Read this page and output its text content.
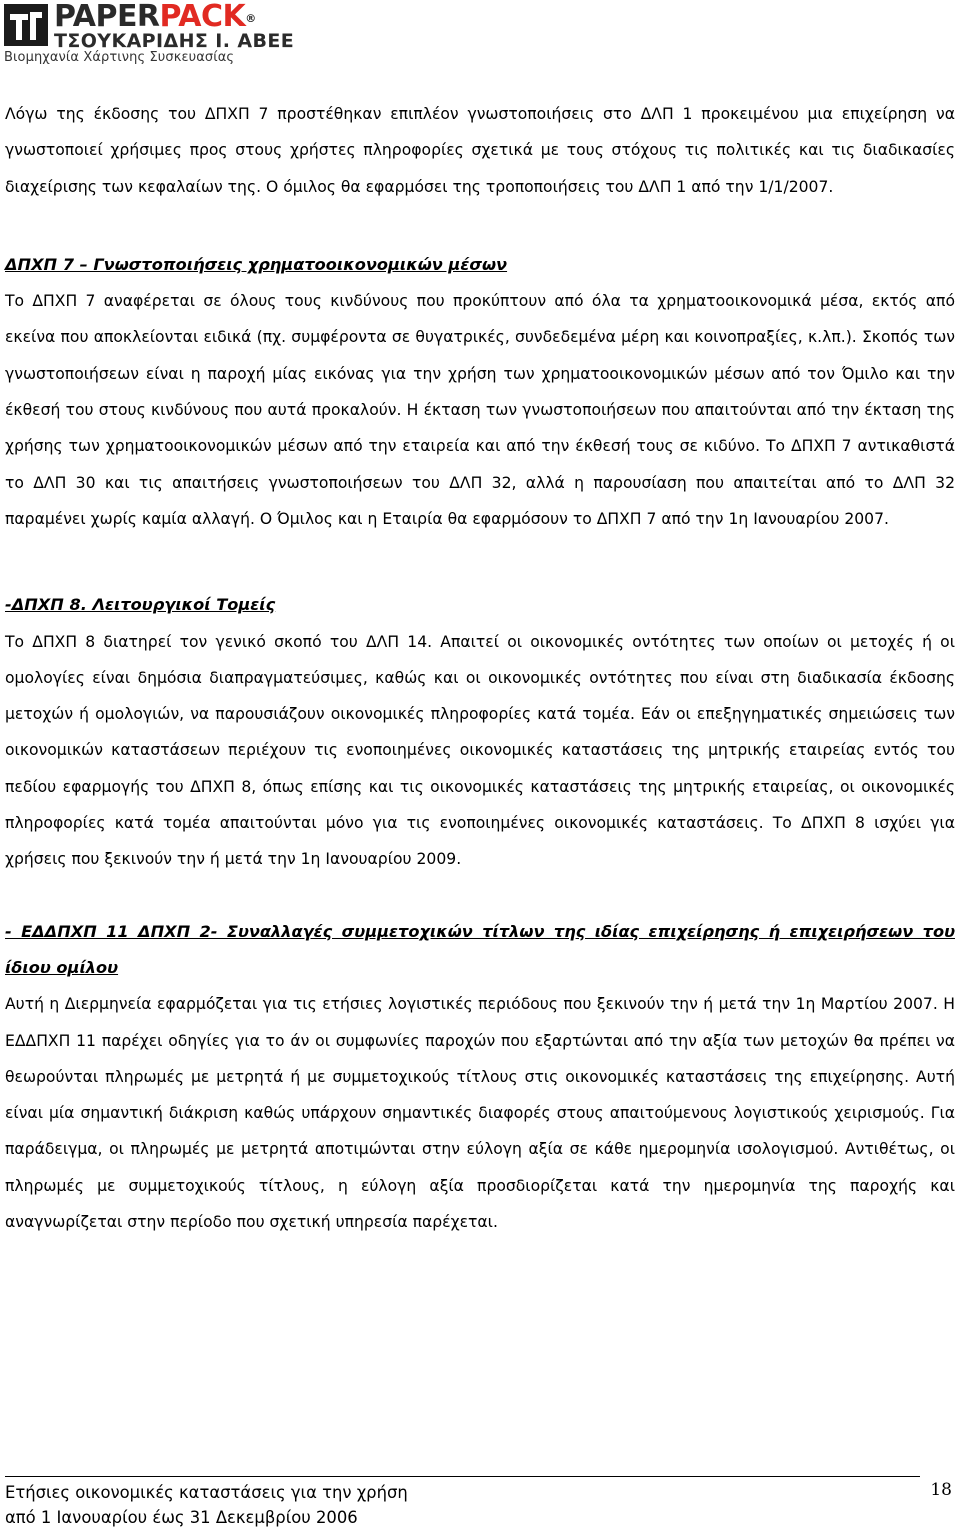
PAPERPACK®
ΤΣΟΥΚΑΡΙΔΗΣ Ι. ΑΒΕΕ
Βιομηχανία Χάρτινης Συσκευασίας

Λόγω της έκδοσης του ΔΠΧΠ 7 προστέθηκαν επιπλέον γνωστοποιήσεις στο ΔΛΠ 1 προκειμένου μια επιχείρηση να γνωστοποιεί χρήσιμες προς στους χρήστες πληροφορίες σχετικά με τους στόχους τις πολιτικές και τις διαδικασίες διαχείρισης των κεφαλαίων της. Ο όμιλος θα εφαρμόσει της τροποποιήσεις του ΔΛΠ 1 από την 1/1/2007.

ΔΠΧΠ 7 – Γνωστοποιήσεις χρηματοοικονομικών μέσων

Το ΔΠΧΠ 7 αναφέρεται σε όλους τους κινδύνους που προκύπτουν από όλα τα χρηματοοικονομικά μέσα, εκτός από εκείνα που αποκλείονται ειδικά (πχ. συμφέροντα σε θυγατρικές, συνδεδεμένα μέρη και κοινοπραξίες, κ.λπ.). Σκοπός των γνωστοποιήσεων είναι η παροχή μίας εικόνας για την χρήση των χρηματοοικονομικών μέσων από τον Όμιλο και την έκθεσή του στους κινδύνους που αυτά προκαλούν. Η έκταση των γνωστοποιήσεων που απαιτούνται από την έκταση της χρήσης των χρηματοοικονομικών μέσων από την εταιρεία και από την έκθεσή τους σε κιδύνο. Το ΔΠΧΠ 7 αντικαθιστά το ΔΛΠ 30 και τις απαιτήσεις γνωστοποιήσεων του ΔΛΠ 32, αλλά η παρουσίαση που απαιτείται από το ΔΛΠ 32 παραμένει χωρίς καμία αλλαγή. Ο Όμιλος και η Εταιρία θα εφαρμόσουν το ΔΠΧΠ 7 από την 1η Ιανουαρίου 2007.

-ΔΠΧΠ 8. Λειτουργικοί Τομείς

Το ΔΠΧΠ 8 διατηρεί τον γενικό σκοπό του ΔΛΠ 14. Απαιτεί οι οικονομικές οντότητες των οποίων οι μετοχές ή οι ομολογίες είναι δημόσια διαπραγματεύσιμες, καθώς και οι οικονομικές οντότητες που είναι στη διαδικασία έκδοσης μετοχών ή ομολογιών, να παρουσιάζουν οικονομικές πληροφορίες κατά τομέα. Εάν οι επεξηγηματικές σημειώσεις των οικονομικών καταστάσεων περιέχουν τις ενοποιημένες οικονομικές καταστάσεις της μητρικής εταιρείας εντός του πεδίου εφαρμογής του ΔΠΧΠ 8, όπως επίσης και τις οικονομικές καταστάσεις της μητρικής εταιρείας, οι οικονομικές πληροφορίες κατά τομέα απαιτούνται μόνο για τις ενοποιημένες οικονομικές καταστάσεις. Το ΔΠΧΠ 8 ισχύει για χρήσεις που ξεκινούν την ή μετά την 1η Ιανουαρίου 2009.

- ΕΔΔΠΧΠ 11 ΔΠΧΠ 2- Συναλλαγές συμμετοχικών τίτλων της ιδίας επιχείρησης ή επιχειρήσεων του ίδιου ομίλου

Αυτή η Διερμηνεία εφαρμόζεται για τις ετήσιες λογιστικές περιόδους που ξεκινούν την ή μετά την 1η Μαρτίου 2007. Η ΕΔΔΠΧΠ 11 παρέχει οδηγίες για το άν οι συμφωνίες παροχών που εξαρτώνται από την αξία των μετοχών θα πρέπει να θεωρούνται πληρωμές με μετρητά ή με συμμετοχικούς τίτλους στις οικονομικές καταστάσεις της επιχείρησης. Αυτή είναι μία σημαντική διάκριση καθώς υπάρχουν σημαντικές διαφορές στους απαιτούμενους λογιστικούς χειρισμούς. Για παράδειγμα, οι πληρωμές με μετρητά αποτιμώνται στην εύλογη αξία σε κάθε ημερομηνία ισολογισμού. Αντιθέτως, οι πληρωμές με συμμετοχικούς τίτλους, η εύλογη αξία προσδιορίζεται κατά την ημερομηνία της παροχής και αναγνωρίζεται στην περίοδο που σχετική υπηρεσία παρέχεται.

Ετήσιες οικονομικές καταστάσεις για την χρήση
από 1 Ιανουαρίου έως 31 Δεκεμβρίου 2006
18
